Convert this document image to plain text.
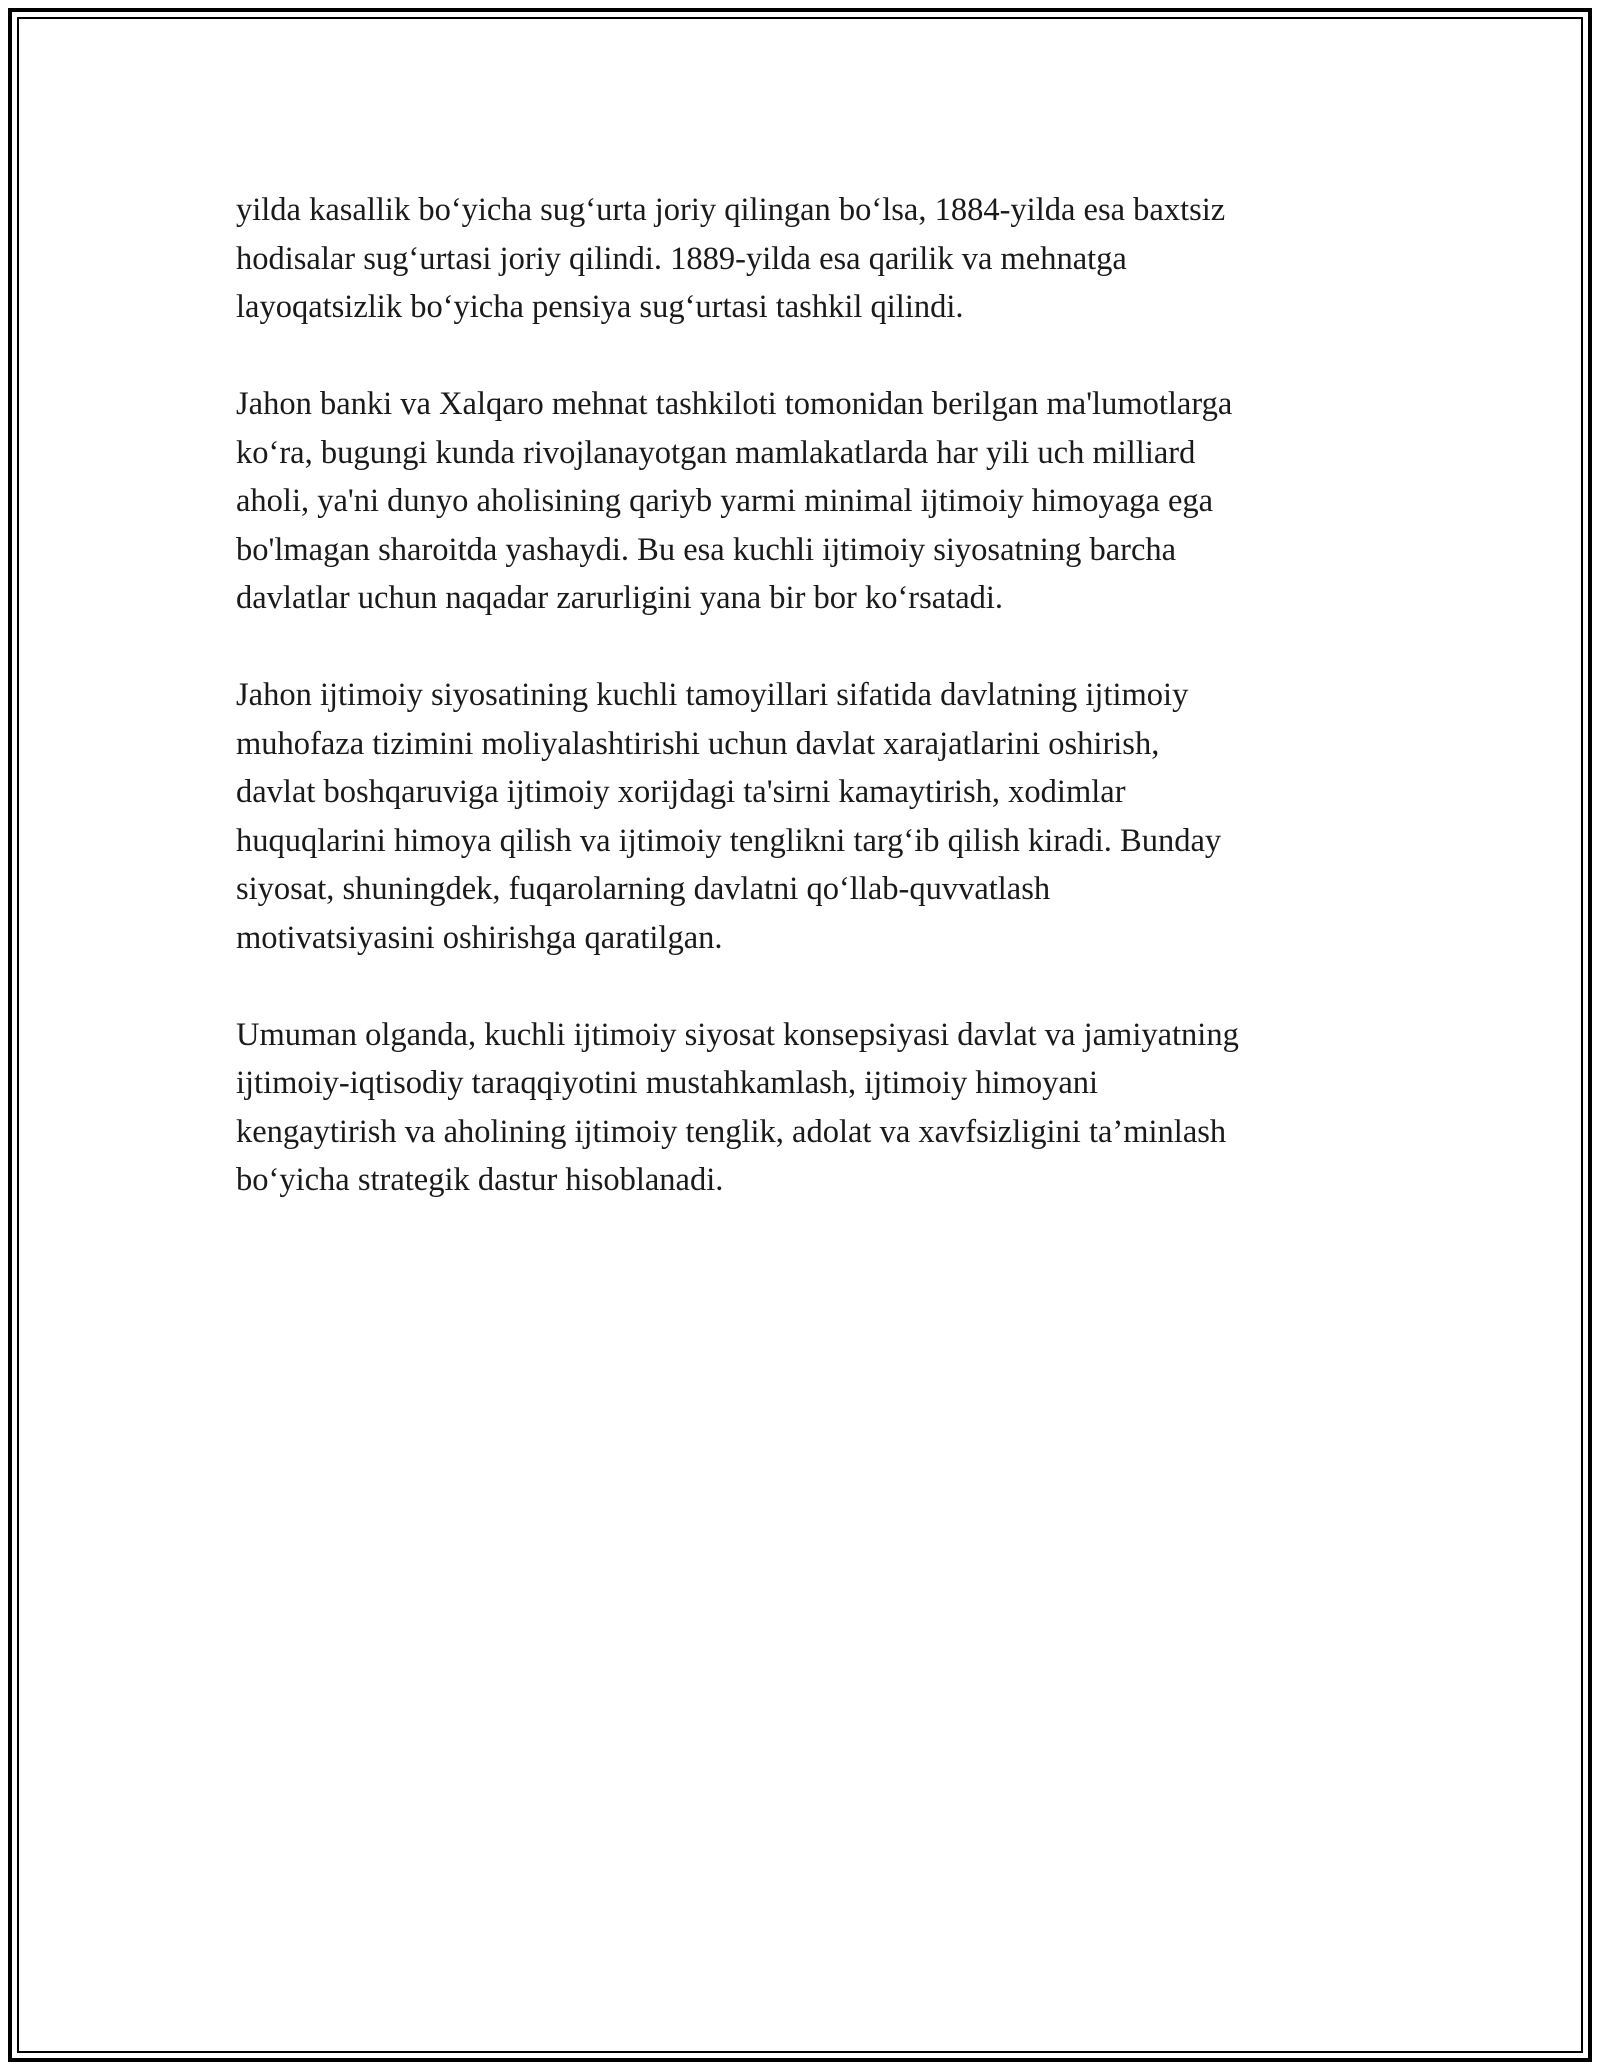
yilda kasallik bo‘yicha sug‘urta joriy qilingan bo‘lsa, 1884-yilda esa baxtsiz
hodisalar sug‘urtasi joriy qilindi. 1889-yilda esa qarilik va mehnatga
layoqatsizlik bo‘yicha pensiya sug‘urtasi tashkil qilindi.

Jahon banki va Xalqaro mehnat tashkiloti tomonidan berilgan ma'lumotlarga
ko‘ra, bugungi kunda rivojlanayotgan mamlakatlarda har yili uch milliard
aholi, ya'ni dunyo aholisining qariyb yarmi minimal ijtimoiy himoyaga ega
bo'lmagan sharoitda yashaydi. Bu esa kuchli ijtimoiy siyosatning barcha
davlatlar uchun naqadar zarurligini yana bir bor ko‘rsatadi.

Jahon ijtimoiy siyosatining kuchli tamoyillari sifatida davlatning ijtimoiy
muhofaza tizimini moliyalashtirishi uchun davlat xarajatlarini oshirish,
davlat boshqaruviga ijtimoiy xorijdagi ta'sirni kamaytirish, xodimlar
huquqlarini himoya qilish va ijtimoiy tenglikni targ‘ib qilish kiradi. Bunday
siyosat, shuningdek, fuqarolarning davlatni qo‘llab-quvvatlash
motivatsiyasini oshirishga qaratilgan.

Umuman olganda, kuchli ijtimoiy siyosat konsepsiyasi davlat va jamiyatning
ijtimoiy-iqtisodiy taraqqiyotini mustahkamlash, ijtimoiy himoyani
kengaytirish va aholining ijtimoiy tenglik, adolat va xavfsizligini ta’minlash
bo‘yicha strategik dastur hisoblanadi.
